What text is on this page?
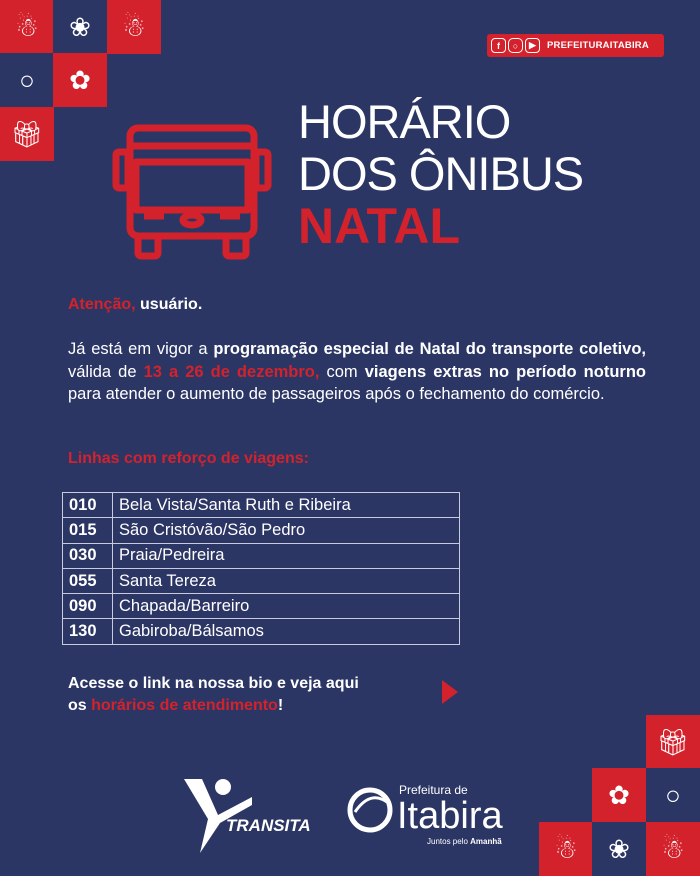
☃	❀	☃
○	✿
🎁︎
🎁︎
✿	○
☃	❀	☃
f	○	▶	PREFEITURAITABIRA
HORÁRIO
DOS ÔNIBUS
NATAL
Atenção, usuário.
Já está em vigor a programação especial de Natal do transporte coletivo, válida de 13 a 26 de dezembro, com viagens extras no período noturno para atender o aumento de passageiros após o fechamento do comércio.
Linhas com reforço de viagens:
010	Bela Vista/Santa Ruth e Ribeira
015	São Cristóvão/São Pedro
030	Praia/Pedreira
055	Santa Tereza
090	Chapada/Barreiro
130	Gabiroba/Bálsamos
Acesse o link na nossa bio e veja aqui
os horários de atendimento!
TRANSITA
Prefeitura de
Itabira
Juntos pelo Amanhã
